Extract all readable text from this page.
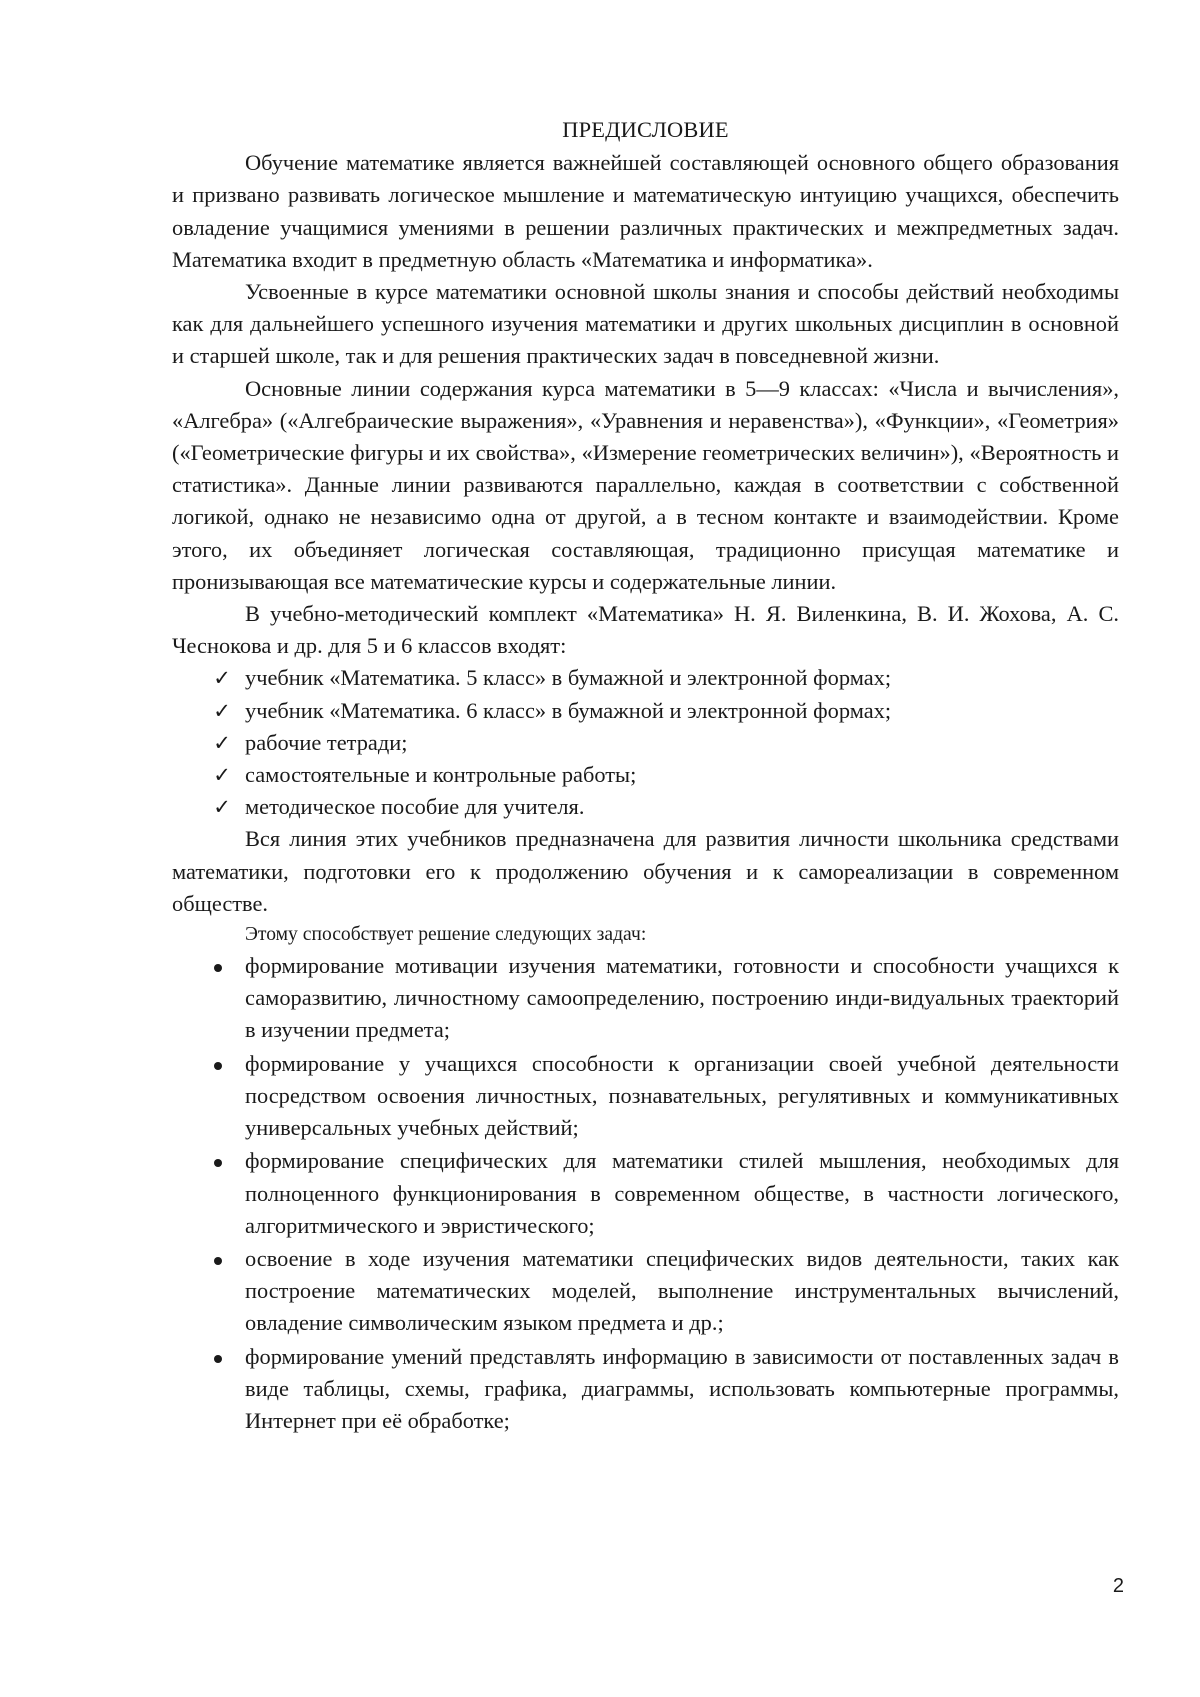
ПРЕДИСЛОВИЕ

Обучение математике является важнейшей составляющей основного общего образования и призвано развивать логическое мышление и математическую интуицию учащихся, обеспечить овладение учащимися умениями в решении различных практических и межпредметных задач. Математика входит в предметную область «Математика и информатика».

Усвоенные в курсе математики основной школы знания и способы действий необходимы как для дальнейшего успешного изучения математики и других школьных дисциплин в основной и старшей школе, так и для решения практических задач в повседневной жизни.

Основные линии содержания курса математики в 5—9 классах: «Числа и вычисления», «Алгебра» («Алгебраические выражения», «Уравнения и неравенства»), «Функции», «Геометрия» («Геометрические фигуры и их свойства», «Измерение геометрических величин»), «Вероятность и статистика». Данные линии развиваются параллельно, каждая в соответствии с собственной логикой, однако не независимо одна от другой, а в тесном контакте и взаимодействии. Кроме этого, их объединяет логическая составляющая, традиционно присущая математике и пронизывающая все математические курсы и содержательные линии.

В учебно-методический комплект «Математика» Н. Я. Виленкина, В. И. Жохова, А. С. Чеснокова и др. для 5 и 6 классов входят:

✓ учебник «Математика. 5 класс» в бумажной и электронной формах;
✓ учебник «Математика. 6 класс» в бумажной и электронной формах;
✓ рабочие тетради;
✓ самостоятельные и контрольные работы;
✓ методическое пособие для учителя.

Вся линия этих учебников предназначена для развития личности школьника средствами математики, подготовки его к продолжению обучения и к самореализации в современном обществе.

Этому способствует решение следующих задач:

формирование мотивации изучения математики, готовности и способности учащихся к саморазвитию, личностному самоопределению, построению инди-видуальных траекторий в изучении предмета;
формирование у учащихся способности к организации своей учебной деятельности посредством освоения личностных, познавательных, регулятивных и коммуникативных универсальных учебных действий;
формирование специфических для математики стилей мышления, необходимых для полноценного функционирования в современном обществе, в частности логического, алгоритмического и эвристического;
освоение в ходе изучения математики специфических видов деятельности, таких как построение математических моделей, выполнение инструментальных вычислений, овладение символическим языком предмета и др.;
формирование умений представлять информацию в зависимости от поставленных задач в виде таблицы, схемы, графика, диаграммы, использовать компьютерные программы, Интернет при её обработке;
2
